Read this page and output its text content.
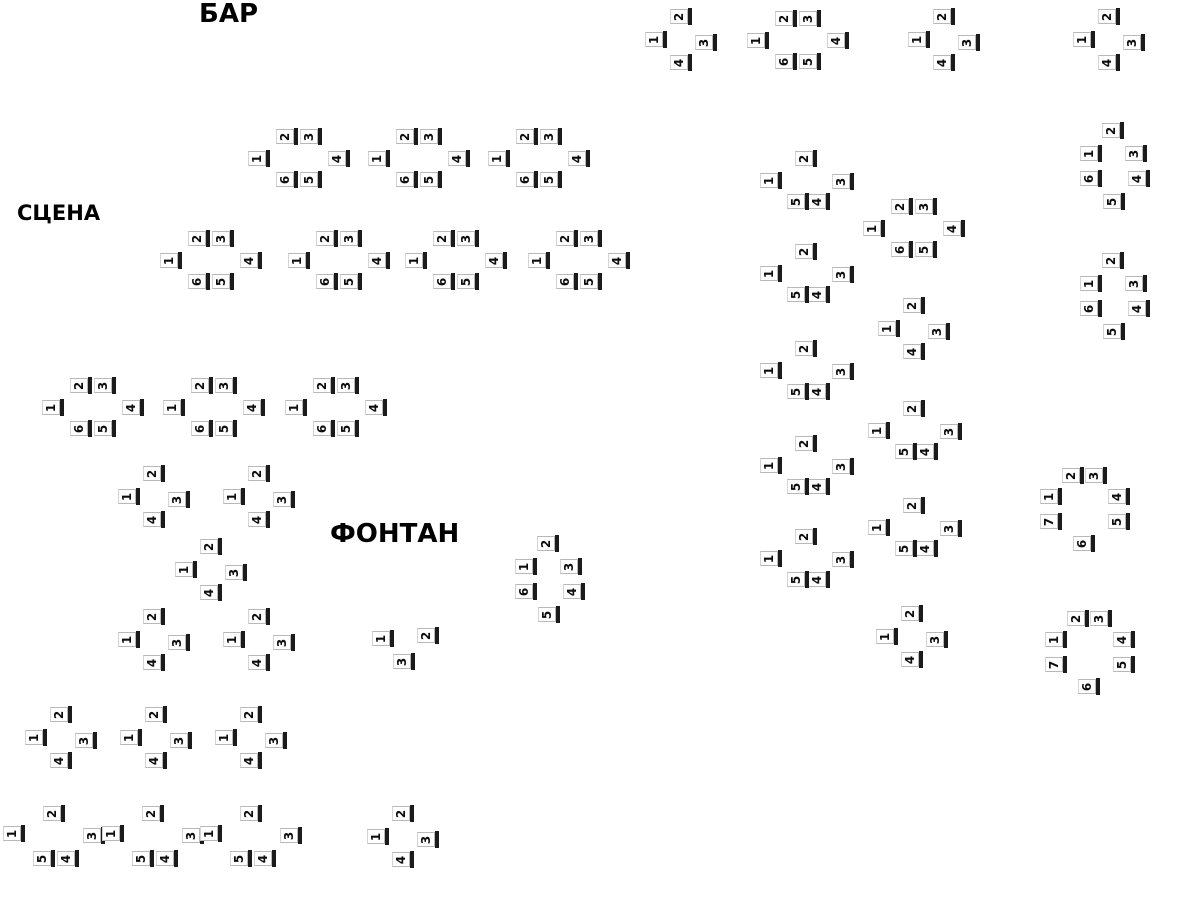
БАР
СЦЕНА
ФОНТАН
1
2
3
4
1
2 3
4
5
6
1
2
3
4
1
2
3
4
1
2 3
4
5
6
1
2 3
4
5
6
1
2 3
4
5
6
1
2 3
4
5
6
1
2 3
4
5
6
1
2 3
4
5
6
1
2 3
4
5
6
1
2 3
4
5
6
1
2 3
4
5
6
1
2 3
4
5
6
1
2
3
4
1
2
3
4
1
2
3
4
1
2
3
4
1
2
3
4
1	2
3
1
2
3
4
1
2
3
4
1
2
3
4
1
2
3
4
5
1
2
3
4
5
1
2
3
4
5
1
2
3
4
1
2
3
4
5
6
1
2
3
4
5
1
2
3
4
5
1
2
3
4
5
1
2
3
4
5
1
2
3
4
5
1
2 3
4
5
6
1
2
3
4
1
2
3
4
5
1
2
3
4
5
1
2
3
4
1
2
3
4
5
6
1
2
3
4
5
6
1
2 3
4
5
6
7
1
2 3
4
5
6
7
